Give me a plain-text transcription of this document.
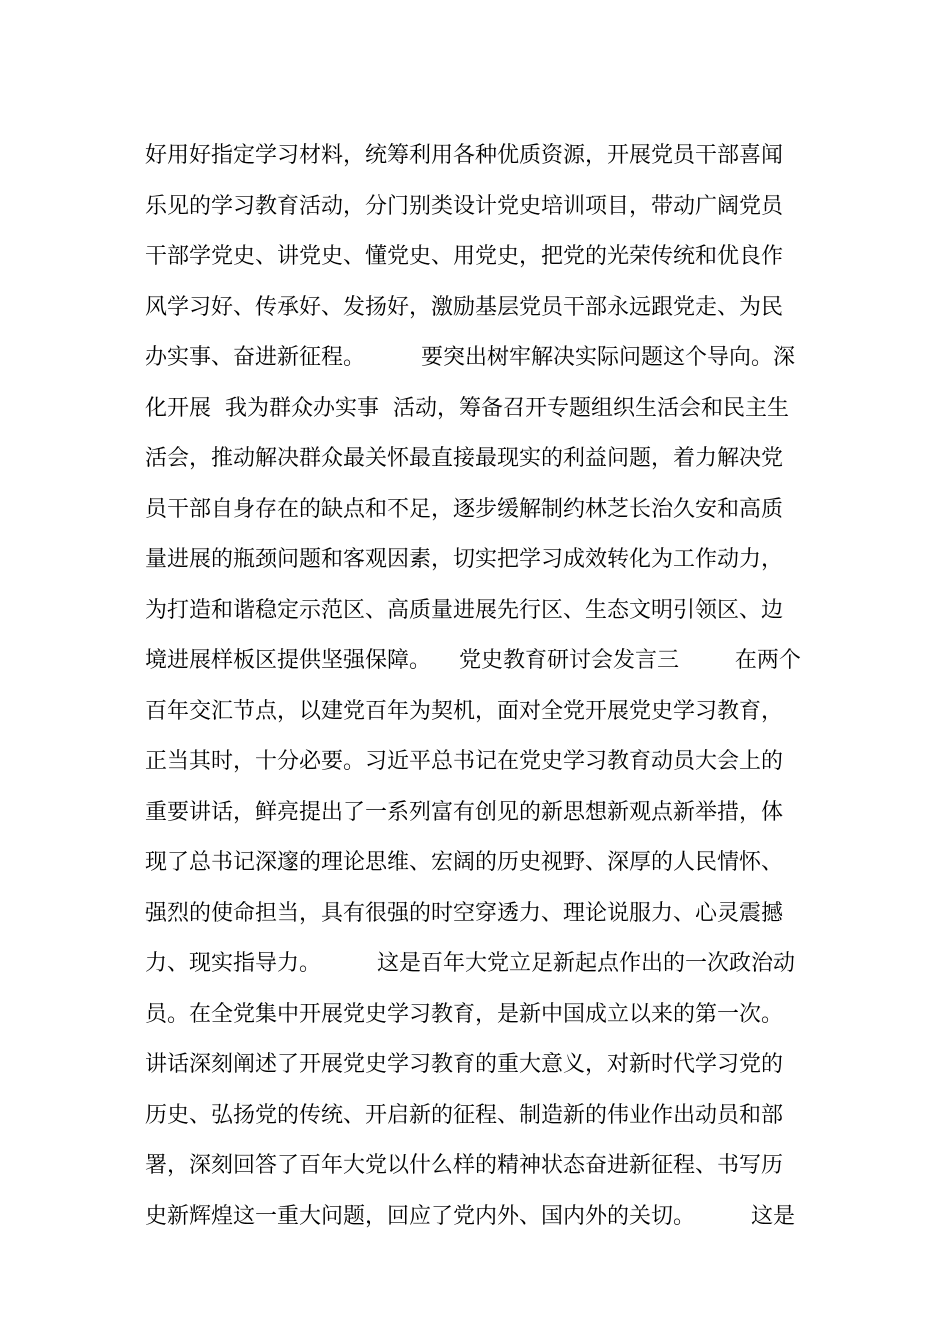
好用好指定学习材料，统筹利用各种优质资源，开展党员干部喜闻
乐见的学习教育活动，分门别类设计党史培训项目，带动广阔党员
干部学党史、讲党史、懂党史、用党史，把党的光荣传统和优良作
风学习好、传承好、发扬好，激励基层党员干部永远跟党走、为民
办实事、奋进新征程。        要突出树牢解决实际问题这个导向。深
化开展  我为群众办实事  活动，筹备召开专题组织生活会和民主生
活会，推动解决群众最关怀最直接最现实的利益问题，着力解决党
员干部自身存在的缺点和不足，逐步缓解制约林芝长治久安和高质
量进展的瓶颈问题和客观因素，切实把学习成效转化为工作动力，
为打造和谐稳定示范区、高质量进展先行区、生态文明引领区、边
境进展样板区提供坚强保障。    党史教育研讨会发言三        在两个
百年交汇节点，以建党百年为契机，面对全党开展党史学习教育，
正当其时，十分必要。习近平总书记在党史学习教育动员大会上的
重要讲话，鲜亮提出了一系列富有创见的新思想新观点新举措，体
现了总书记深邃的理论思维、宏阔的历史视野、深厚的人民情怀、
强烈的使命担当，具有很强的时空穿透力、理论说服力、心灵震撼
力、现实指导力。        这是百年大党立足新起点作出的一次政治动
员。在全党集中开展党史学习教育，是新中国成立以来的第一次。
讲话深刻阐述了开展党史学习教育的重大意义，对新时代学习党的
历史、弘扬党的传统、开启新的征程、制造新的伟业作出动员和部
署，深刻回答了百年大党以什么样的精神状态奋进新征程、书写历
史新辉煌这一重大问题，回应了党内外、国内外的关切。        这是
